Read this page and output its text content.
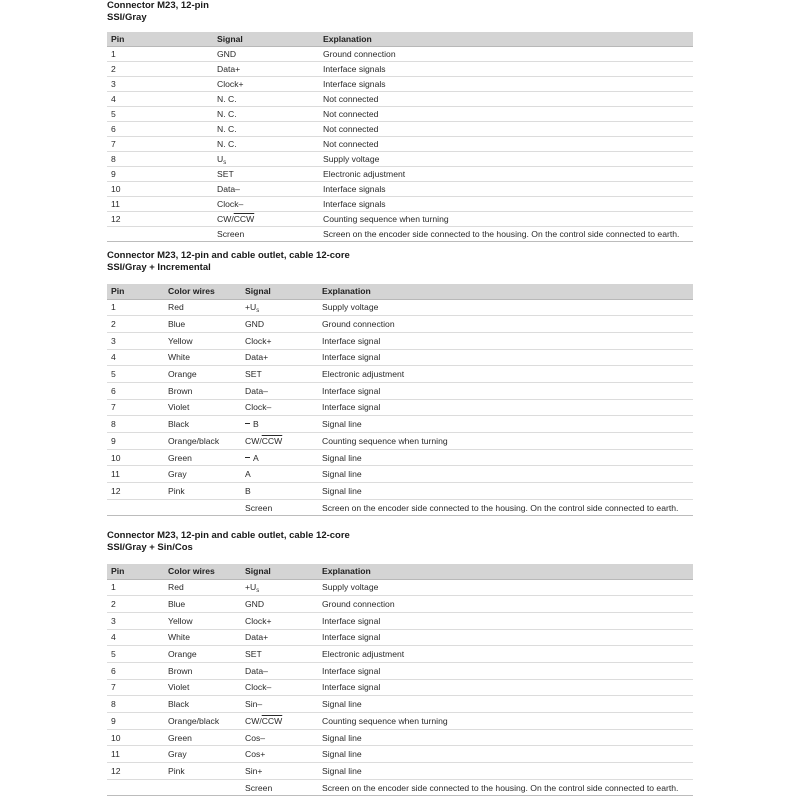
Connector M23, 12-pin
SSI/Gray
Pin	Signal	Explanation
1	GND	Ground connection
2	Data+	Interface signals
3	Clock+	Interface signals
4	N. C.	Not connected
5	N. C.	Not connected
6	N. C.	Not connected
7	N. C.	Not connected
8	$U_s$	Supply voltage
9	SET	Electronic adjustment
10	Data–	Interface signals
11	Clock–	Interface signals
12	$CW/\overline{CCW}$	Counting sequence when turning
	Screen	Screen on the encoder side connected to the housing. On the control side connected to earth.
Connector M23, 12-pin and cable outlet, cable 12-core
SSI/Gray + Incremental
Pin	Color wires	Signal	Explanation
1	Red	$+U_s$	Supply voltage
2	Blue	GND	Ground connection
3	Yellow	Clock+	Interface signal
4	White	Data+	Interface signal
5	Orange	SET	Electronic adjustment
6	Brown	Data–	Interface signal
7	Violet	Clock–	Interface signal
8	Black	B	Signal line
9	Orange/black	$CW/\overline{CCW}$	Counting sequence when turning
10	Green	A	Signal line
11	Gray	A	Signal line
12	Pink	B	Signal line
		Screen	Screen on the encoder side connected to the housing. On the control side connected to earth.
Connector M23, 12-pin and cable outlet, cable 12-core
SSI/Gray + Sin/Cos
Pin	Color wires	Signal	Explanation
1	Red	$+U_s$	Supply voltage
2	Blue	GND	Ground connection
3	Yellow	Clock+	Interface signal
4	White	Data+	Interface signal
5	Orange	SET	Electronic adjustment
6	Brown	Data–	Interface signal
7	Violet	Clock–	Interface signal
8	Black	Sin–	Signal line
9	Orange/black	$CW/\overline{CCW}$	Counting sequence when turning
10	Green	Cos–	Signal line
11	Gray	Cos+	Signal line
12	Pink	Sin+	Signal line
		Screen	Screen on the encoder side connected to the housing. On the control side connected to earth.
